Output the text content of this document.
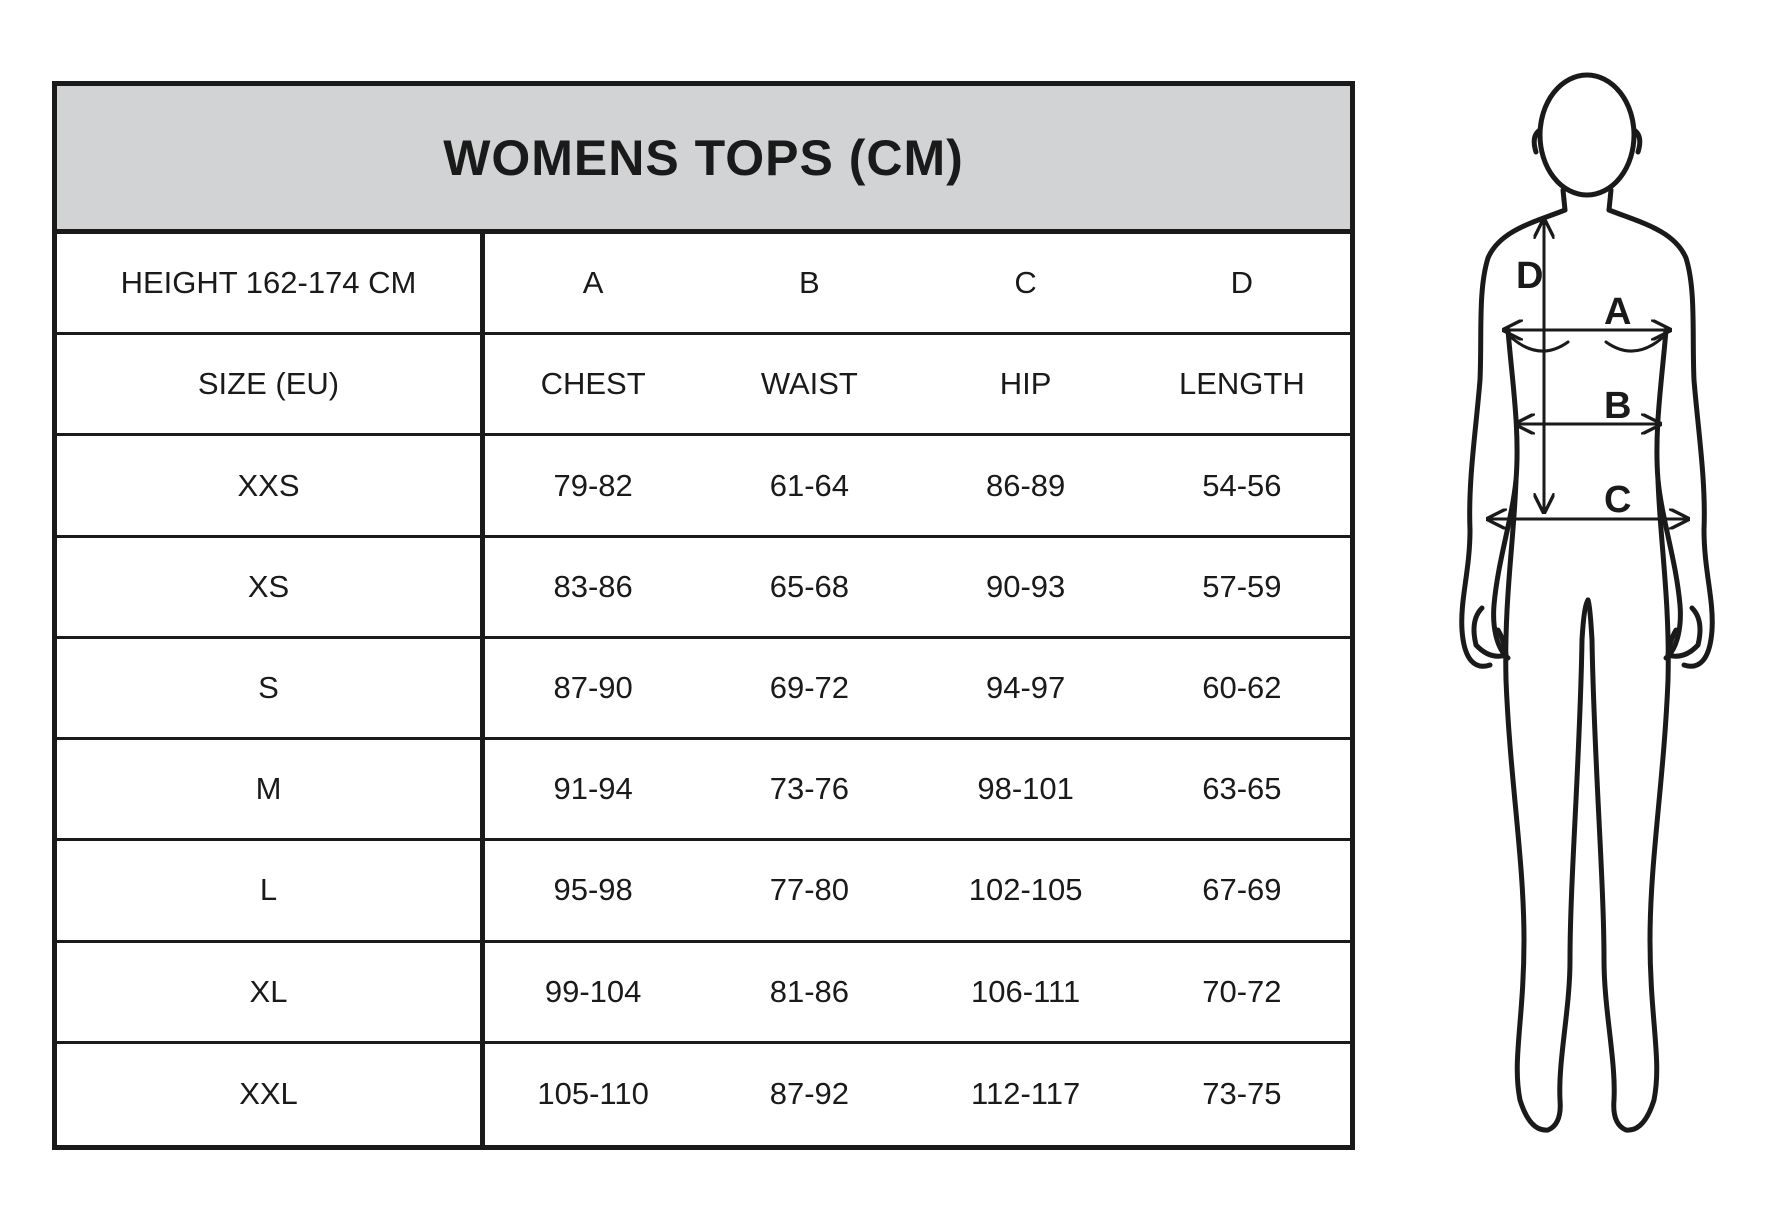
WOMENS TOPS (CM)
HEIGHT 162-174 CM	A	B	C	D
SIZE (EU)	CHEST	WAIST	HIP	LENGTH
XXS	79-82	61-64	86-89	54-56
XS	83-86	65-68	90-93	57-59
S	87-90	69-72	94-97	60-62
M	91-94	73-76	98-101	63-65
L	95-98	77-80	102-105	67-69
XL	99-104	81-86	106-111	70-72
XXL	105-110	87-92	112-117	73-75
D
A
B
C
